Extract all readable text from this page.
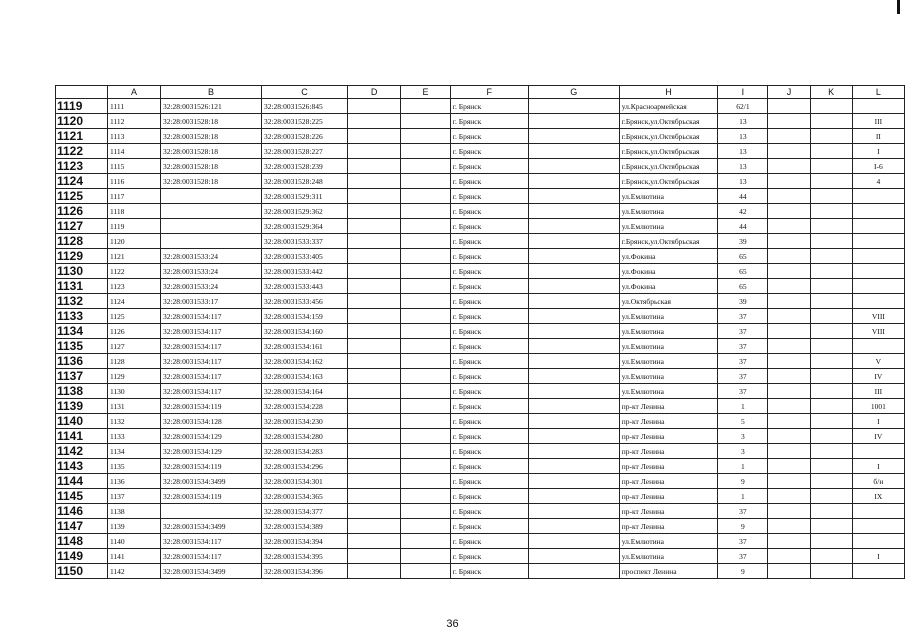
	A	B	C	D	E	F	G	H	I	J	K	L
1119	1111	32:28:0031526:121	32:28:0031526:845			г. Брянск		ул.Красноармейская	62/1			
1120	1112	32:28:0031528:18	32:28:0031528:225			г. Брянск		г.Брянск,ул.Октябрьская	13			III
1121	1113	32:28:0031528:18	32:28:0031528:226			г. Брянск		г.Брянск,ул.Октябрьская	13			II
1122	1114	32:28:0031528:18	32:28:0031528:227			г. Брянск		г.Брянск,ул.Октябрьская	13			I
1123	1115	32:28:0031528:18	32:28:0031528:239			г. Брянск		г.Брянск,ул.Октябрьская	13			I-6
1124	1116	32:28:0031528:18	32:28:0031528:248			г. Брянск		г.Брянск,ул.Октябрьская	13			4
1125	1117		32:28:0031529:311			г. Брянск		ул.Емлютина	44			
1126	1118		32:28:0031529:362			г. Брянск		ул.Емлютина	42			
1127	1119		32:28:0031529:364			г. Брянск		ул.Емлютина	44			
1128	1120		32:28:0031533:337			г. Брянск		г.Брянск,ул.Октябрьская	39			
1129	1121	32:28:0031533:24	32:28:0031533:405			г. Брянск		ул.Фокина	65			
1130	1122	32:28:0031533:24	32:28:0031533:442			г. Брянск		ул.Фокина	65			
1131	1123	32:28:0031533:24	32:28:0031533:443			г. Брянск		ул.Фокина	65			
1132	1124	32:28:0031533:17	32:28:0031533:456			г. Брянск		ул.Октябрьская	39			
1133	1125	32:28:0031534:117	32:28:0031534:159			г. Брянск		ул.Емлютина	37			VIII
1134	1126	32:28:0031534:117	32:28:0031534:160			г. Брянск		ул.Емлютина	37			VIII
1135	1127	32:28:0031534:117	32:28:0031534:161			г. Брянск		ул.Емлютина	37			
1136	1128	32:28:0031534:117	32:28:0031534:162			г. Брянск		ул.Емлютина	37			V
1137	1129	32:28:0031534:117	32:28:0031534:163			г. Брянск		ул.Емлютина	37			IV
1138	1130	32:28:0031534:117	32:28:0031534:164			г. Брянск		ул.Емлютина	37			III
1139	1131	32:28:0031534:119	32:28:0031534:228			г. Брянск		пр-кт Ленина	1			1001
1140	1132	32:28:0031534:128	32:28:0031534:230			г. Брянск		пр-кт Ленина	5			I
1141	1133	32:28:0031534:129	32:28:0031534:280			г. Брянск		пр-кт Ленина	3			IV
1142	1134	32:28:0031534:129	32:28:0031534:283			г. Брянск		пр-кт Ленина	3			
1143	1135	32:28:0031534:119	32:28:0031534:296			г. Брянск		пр-кт Ленина	1			I
1144	1136	32:28:0031534:3499	32:28:0031534:301			г. Брянск		пр-кт Ленина	9			б/н
1145	1137	32:28:0031534:119	32:28:0031534:365			г. Брянск		пр-кт Ленина	1			IX
1146	1138		32:28:0031534:377			г. Брянск		пр-кт Ленина	37			
1147	1139	32:28:0031534:3499	32:28:0031534:389			г. Брянск		пр-кт Ленина	9			
1148	1140	32:28:0031534:117	32:28:0031534:394			г. Брянск		ул.Емлютина	37			
1149	1141	32:28:0031534:117	32:28:0031534:395			г. Брянск		ул.Емлютина	37			I
1150	1142	32:28:0031534:3499	32:28:0031534:396			г. Брянск		проспект Ленина	9			
36
